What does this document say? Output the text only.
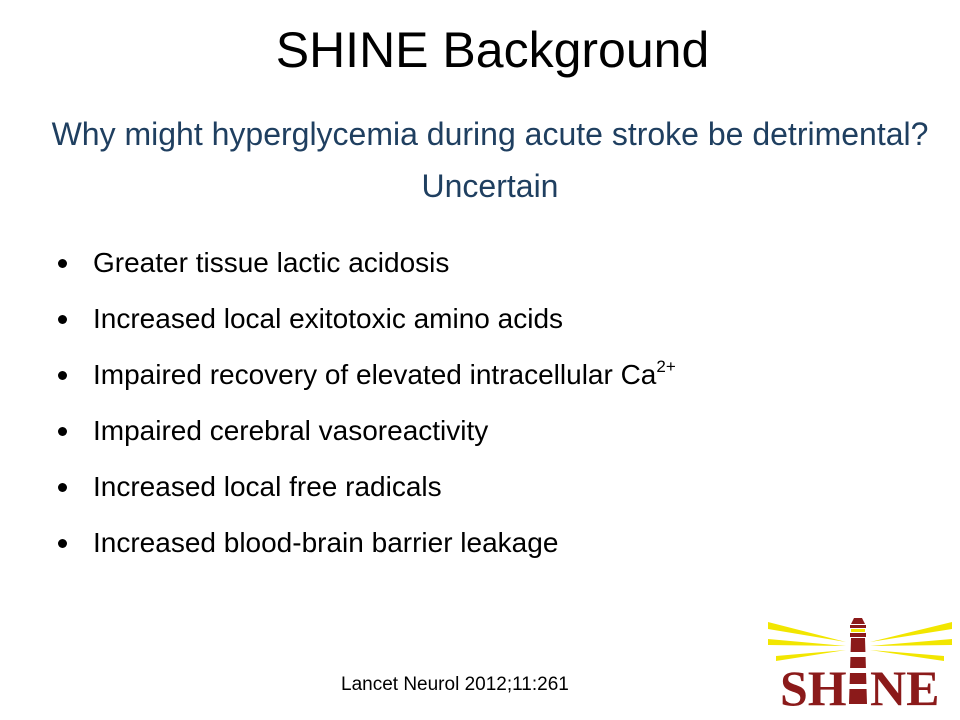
SHINE Background

Why might hyperglycemia during acute stroke be detrimental? Uncertain

Greater tissue lactic acidosis
Increased local exitotoxic amino acids
Impaired recovery of elevated intracellular $Ca^{2+}$
Impaired cerebral vasoreactivity
Increased local free radicals
Increased blood-brain barrier leakage
Lancet Neurol 2012;11:261	SH NE
